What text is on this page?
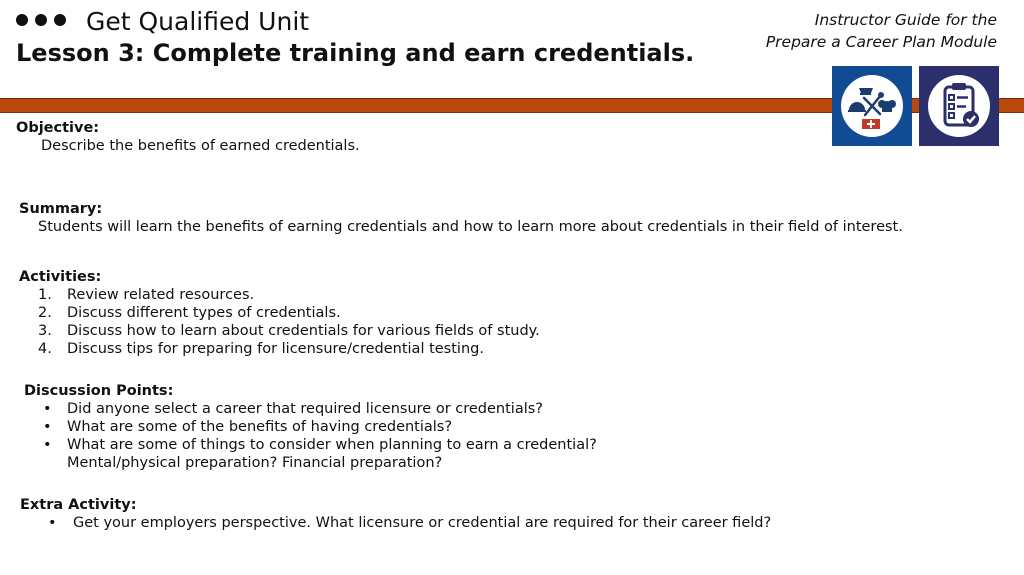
Get Qualified Unit
Lesson 3: Complete training and earn credentials.
Instructor Guide for the
Prepare a Career Plan Module
Objective:
Describe the benefits of earned credentials.
Summary:
Students will learn the benefits of earning credentials and how to learn more about credentials in their field of interest.
Activities:
1.	Review related resources.
2.	Discuss different types of credentials.
3.	Discuss how to learn about credentials for various fields of study.
4.	Discuss tips for preparing for licensure/credential testing.
Discussion Points:
•	Did anyone select a career that required licensure or credentials?
•	What are some of the benefits of having credentials?
•	What are some of things to consider when planning to earn a credential? Mental/physical preparation? Financial preparation?
Extra Activity:
•	Get your employers perspective. What licensure or credential are required for their career field?
